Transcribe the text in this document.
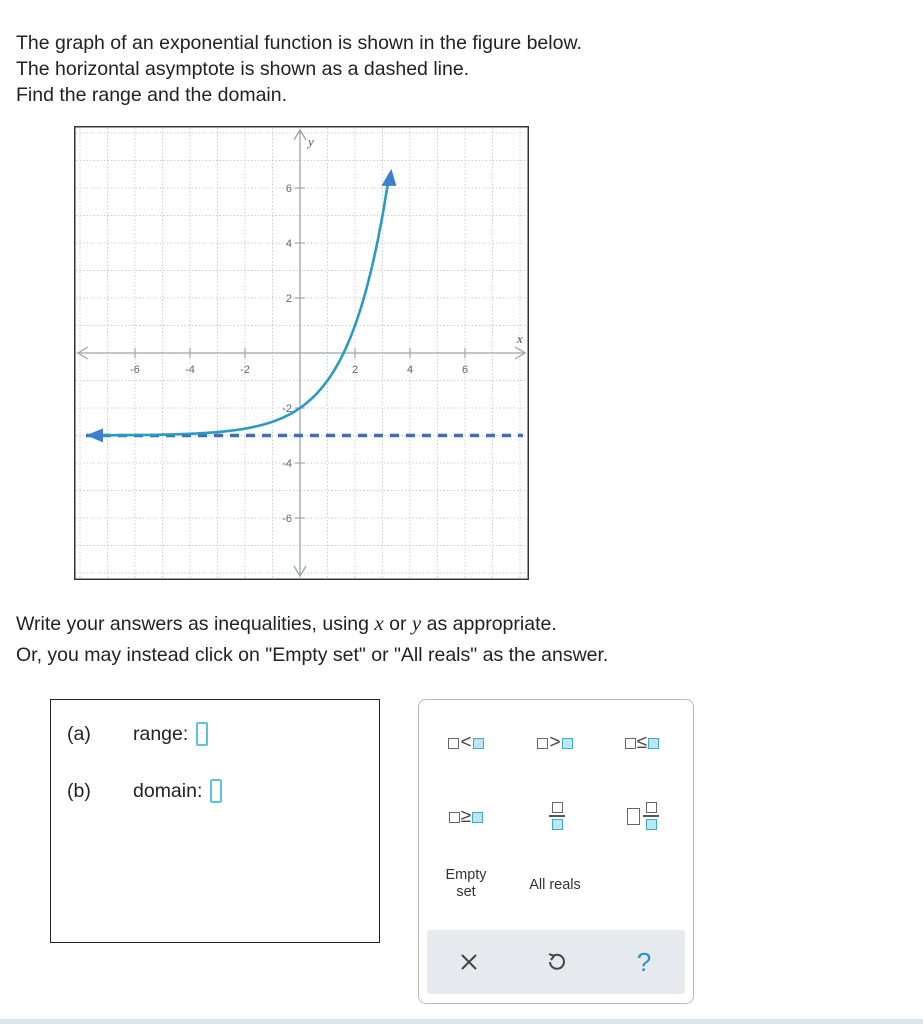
The graph of an exponential function is shown in the figure below.
The horizontal asymptote is shown as a dashed line.
Find the range and the domain.
-6	-4	-2	2	4	6
6
4
2
-2
-4
-6
x
y
Write your answers as inequalities, using x or y as appropriate.
Or, you may instead click on "Empty set" or "All reals" as the answer.
(a)	range:
(b)	domain:
<	>	≤
≥
Empty
set	All reals
?
